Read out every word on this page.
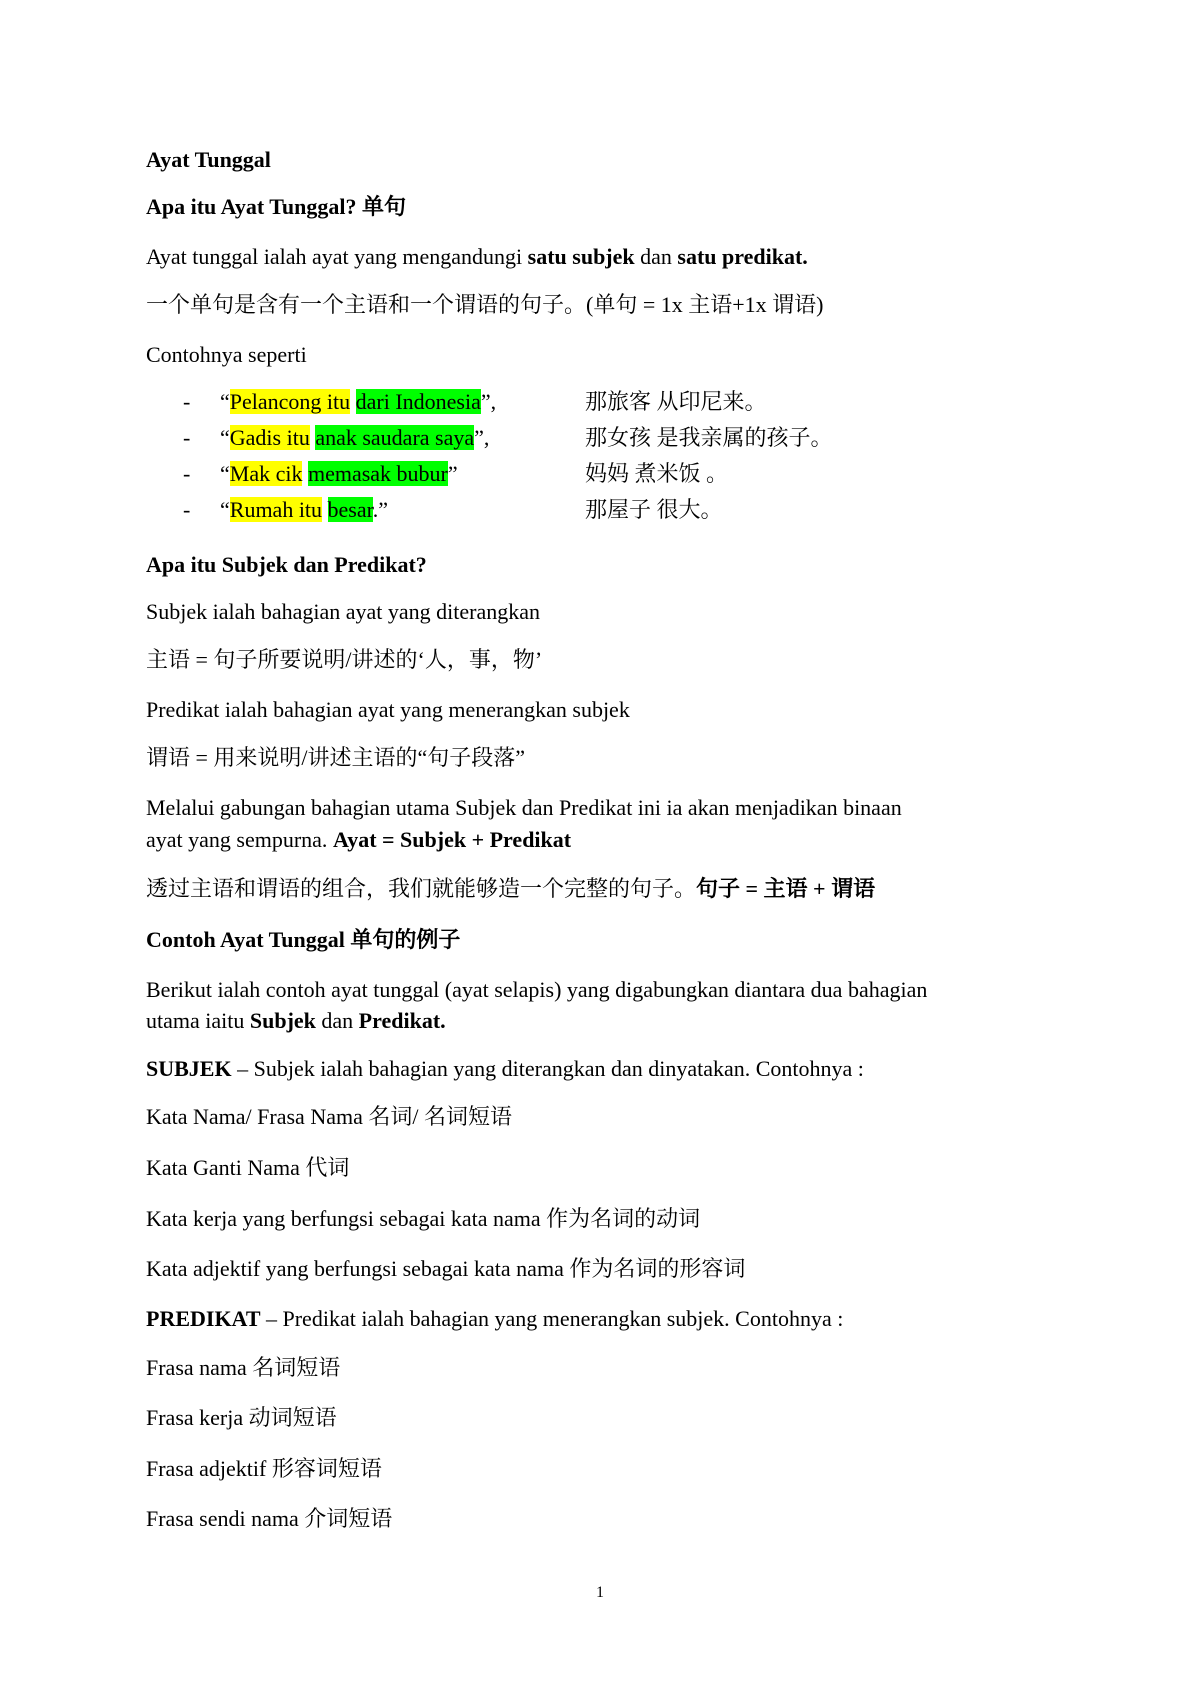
Ayat Tunggal
Apa itu Ayat Tunggal? 单句
Ayat tunggal ialah ayat yang mengandungi satu subjek dan satu predikat.
一个单句是含有一个主语和一个谓语的句子。(单句 = 1x 主语+1x 谓语)
Contohnya seperti
- “Pelancong itu dari Indonesia”,	那旅客 从印尼来。
- “Gadis itu anak saudara saya”,	那女孩 是我亲属的孩子。
- “Mak cik memasak bubur”	妈妈 煮米饭 。
- “Rumah itu besar.”	那屋子 很大。
Apa itu Subjek dan Predikat?
Subjek ialah bahagian ayat yang diterangkan
主语 = 句子所要说明/讲述的‘人，事，物’
Predikat ialah bahagian ayat yang menerangkan subjek
谓语 = 用来说明/讲述主语的“句子段落”
Melalui gabungan bahagian utama Subjek dan Predikat ini ia akan menjadikan binaan
ayat yang sempurna. Ayat = Subjek + Predikat
透过主语和谓语的组合，我们就能够造一个完整的句子。句子 = 主语 + 谓语
Contoh Ayat Tunggal 单句的例子
Berikut ialah contoh ayat tunggal (ayat selapis) yang digabungkan diantara dua bahagian
utama iaitu Subjek dan Predikat.
SUBJEK – Subjek ialah bahagian yang diterangkan dan dinyatakan. Contohnya :
Kata Nama/ Frasa Nama 名词/ 名词短语
Kata Ganti Nama 代词
Kata kerja yang berfungsi sebagai kata nama 作为名词的动词
Kata adjektif yang berfungsi sebagai kata nama 作为名词的形容词
PREDIKAT – Predikat ialah bahagian yang menerangkan subjek. Contohnya :
Frasa nama 名词短语
Frasa kerja 动词短语
Frasa adjektif 形容词短语
Frasa sendi nama 介词短语
1
